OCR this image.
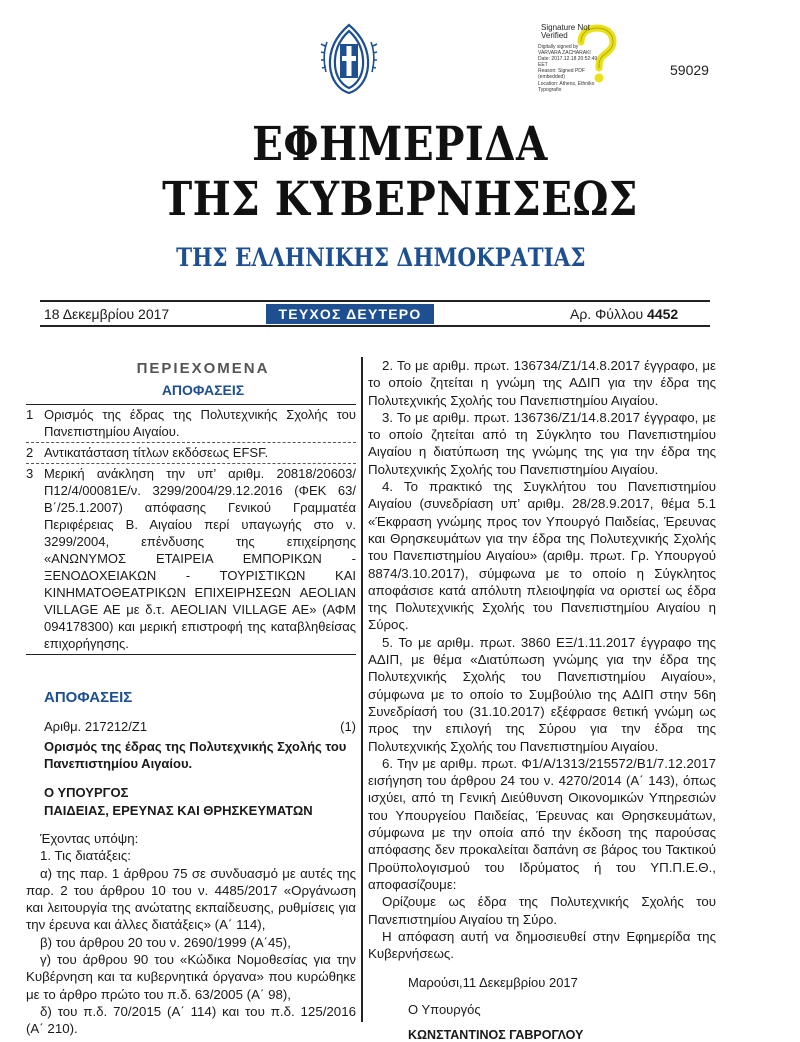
Signature Not Verified
Digitally signed by
VARVARA ZACHARAKI
Date: 2017.12.18 20:52:49
EET
Reason: Signed PDF
(embedded)
Location: Athens, Ethniko
Typografio
59029
ΕΦΗΜΕΡΙΔΑ
ΤΗΣ ΚΥΒΕΡΝΗΣΕΩΣ
ΤΗΣ ΕΛΛΗΝΙΚΗΣ ΔΗΜΟΚΡΑΤΙΑΣ
18 Δεκεμβρίου 2017	ΤΕΥΧΟΣ ΔΕΥΤΕΡΟ	Αρ. Φύλλου 4452
ΠΕΡΙΕΧΟΜΕΝΑ
ΑΠΟΦΑΣΕΙΣ
1 Ορισμός της έδρας της Πολυτεχνικής Σχολής του Πανεπιστημίου Αιγαίου.
2 Αντικατάσταση τίτλων εκδόσεως EFSF.
3 Μερική ανάκληση την υπ’ αριθμ. 20818/20603/Π12/4/00081Ε/ν. 3299/2004/29.12.2016 (ΦΕΚ 63/Β΄/25.1.2007) απόφασης Γενικού Γραμματέα Περιφέρειας Β. Αιγαίου περί υπαγωγής στο ν. 3299/2004, επένδυσης της επιχείρησης «ΑΝΩΝΥΜΟΣ ΕΤΑΙΡΕΙΑ ΕΜΠΟΡΙΚΩΝ - ΞΕΝΟΔΟΧΕΙΑΚΩΝ - ΤΟΥΡΙΣΤΙΚΩΝ ΚΑΙ ΚΙΝΗΜΑΤΟΘΕΑΤΡΙΚΩΝ ΕΠΙΧΕΙΡΗΣΕΩΝ AEOLIAN VILLAGE AE με δ.τ. AEOLIAN VILLAGE AE» (ΑΦΜ 094178300) και μερική επιστροφή της καταβληθείσας επιχορήγησης.
ΑΠΟΦΑΣΕΙΣ
Αριθμ. 217212/Ζ1	(1)
Ορισμός της έδρας της Πολυτεχνικής Σχολής του Πανεπιστημίου Αιγαίου.
Ο ΥΠΟΥΡΓΟΣ
ΠΑΙΔΕΙΑΣ, ΕΡΕΥΝΑΣ ΚΑΙ ΘΡΗΣΚΕΥΜΑΤΩΝ

Έχοντας υπόψη:

1. Τις διατάξεις:

α) της παρ. 1 άρθρου 75 σε συνδυασμό με αυτές της παρ. 2 του άρθρου 10 του ν. 4485/2017 «Οργάνωση και λειτουργία της ανώτατης εκπαίδευσης, ρυθμίσεις για την έρευνα και άλλες διατάξεις» (Α΄ 114),

β) του άρθρου 20 του ν. 2690/1999 (Α΄45),

γ) του άρθρου 90 του «Κώδικα Νομοθεσίας για την Κυβέρνηση και τα κυβερνητικά όργανα» που κυρώθηκε με το άρθρο πρώτο του π.δ. 63/2005 (Α΄ 98),

δ) του π.δ. 70/2015 (Α΄ 114) και του π.δ. 125/2016 (Α΄ 210).

2. Το με αριθμ. πρωτ. 136734/Ζ1/14.8.2017 έγγραφο, με το οποίο ζητείται η γνώμη της ΑΔΙΠ για την έδρα της Πολυτεχνικής Σχολής του Πανεπιστημίου Αιγαίου.

3. Το με αριθμ. πρωτ. 136736/Ζ1/14.8.2017 έγγραφο, με το οποίο ζητείται από τη Σύγκλητο του Πανεπιστημίου Αιγαίου η διατύπωση της γνώμης της για την έδρα της Πολυτεχνικής Σχολής του Πανεπιστημίου Αιγαίου.

4. Το πρακτικό της Συγκλήτου του Πανεπιστημίου Αιγαίου (συνεδρίαση υπ’ αριθμ. 28/28.9.2017, θέμα 5.1 «Έκφραση γνώμης προς τον Υπουργό Παιδείας, Έρευνας και Θρησκευμάτων για την έδρα της Πολυτεχνικής Σχολής του Πανεπιστημίου Αιγαίου» (αριθμ. πρωτ. Γρ. Υπουργού 8874/3.10.2017), σύμφωνα με το οποίο η Σύγκλητος αποφάσισε κατά απόλυτη πλειοψηφία να οριστεί ως έδρα της Πολυτεχνικής Σχολής του Πανεπιστημίου Αιγαίου η Σύρος.

5. Το με αριθμ. πρωτ. 3860 ΕΞ/1.11.2017 έγγραφο της ΑΔΙΠ, με θέμα «Διατύπωση γνώμης για την έδρα της Πολυτεχνικής Σχολής του Πανεπιστημίου Αιγαίου», σύμφωνα με το οποίο το Συμβούλιο της ΑΔΙΠ στην 56η Συνεδρίασή του (31.10.2017) εξέφρασε θετική γνώμη ως προς την επιλογή της Σύρου για την έδρα της Πολυτεχνικής Σχολής του Πανεπιστημίου Αιγαίου.

6. Την με αριθμ. πρωτ. Φ1/Α/1313/215572/Β1/7.12.2017 εισήγηση του άρθρου 24 του ν. 4270/2014 (Α΄ 143), όπως ισχύει, από τη Γενική Διεύθυνση Οικονομικών Υπηρεσιών του Υπουργείου Παιδείας, Έρευνας και Θρησκευμάτων, σύμφωνα με την οποία από την έκδοση της παρούσας απόφασης δεν προκαλείται δαπάνη σε βάρος του Τακτικού Προϋπολογισμού του Ιδρύματος ή του ΥΠ.Π.Ε.Θ., αποφασίζουμε:

Ορίζουμε ως έδρα της Πολυτεχνικής Σχολής του Πανεπιστημίου Αιγαίου τη Σύρο.

Η απόφαση αυτή να δημοσιευθεί στην Εφημερίδα της Κυβερνήσεως.

Μαρούσι,11 Δεκεμβρίου 2017
Ο Υπουργός
ΚΩΝΣΤΑΝΤΙΝΟΣ ΓΑΒΡΟΓΛΟΥ
